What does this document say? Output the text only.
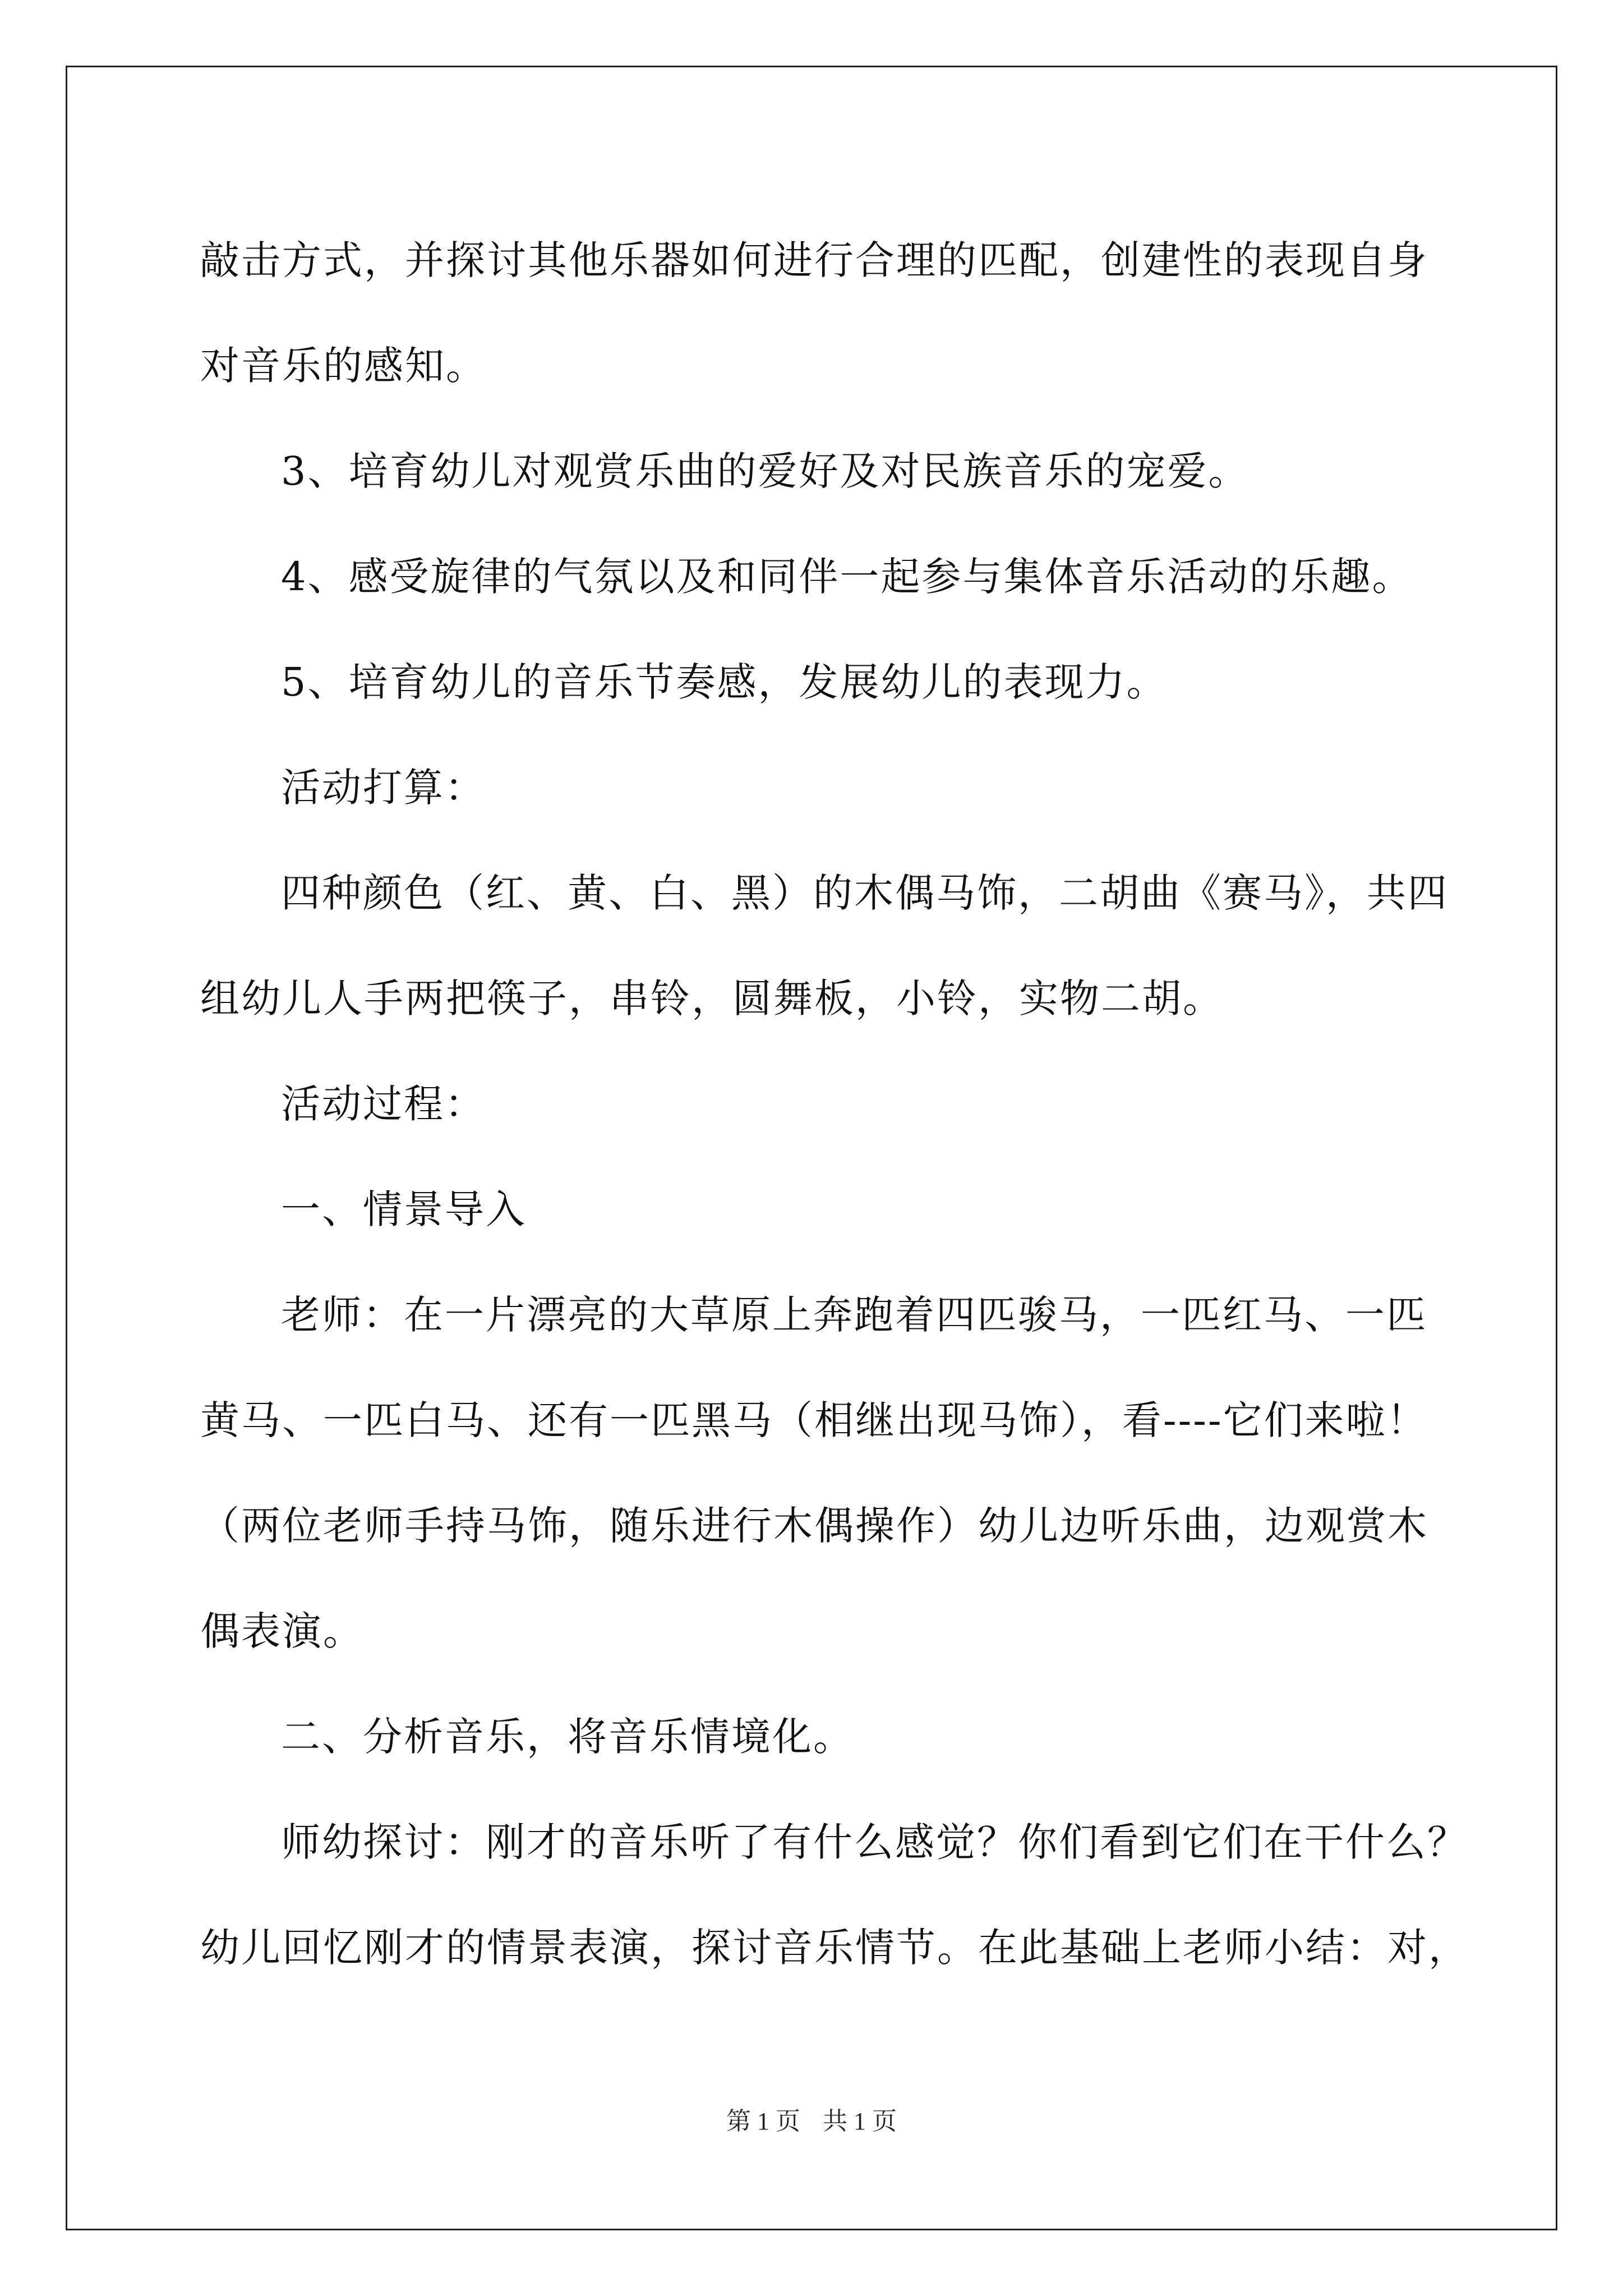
敲击方式，并探讨其他乐器如何进行合理的匹配，创建性的表现自身
对音乐的感知。
3、培育幼儿对观赏乐曲的爱好及对民族音乐的宠爱。
4、感受旋律的气氛以及和同伴一起参与集体音乐活动的乐趣。
5、培育幼儿的音乐节奏感，发展幼儿的表现力。
活动打算：
四种颜色（红、黄、白、黑）的木偶马饰，二胡曲《赛马》，共四
组幼儿人手两把筷子，串铃，圆舞板，小铃，实物二胡。
活动过程：
一、情景导入
老师：在一片漂亮的大草原上奔跑着四匹骏马，一匹红马、一匹
黄马、一匹白马、还有一匹黑马（相继出现马饰），看----它们来啦！
（两位老师手持马饰，随乐进行木偶操作）幼儿边听乐曲，边观赏木
偶表演。
二、分析音乐，将音乐情境化。
师幼探讨：刚才的音乐听了有什么感觉？你们看到它们在干什么？
幼儿回忆刚才的情景表演，探讨音乐情节。在此基础上老师小结：对，
第 1 页 共 1 页
